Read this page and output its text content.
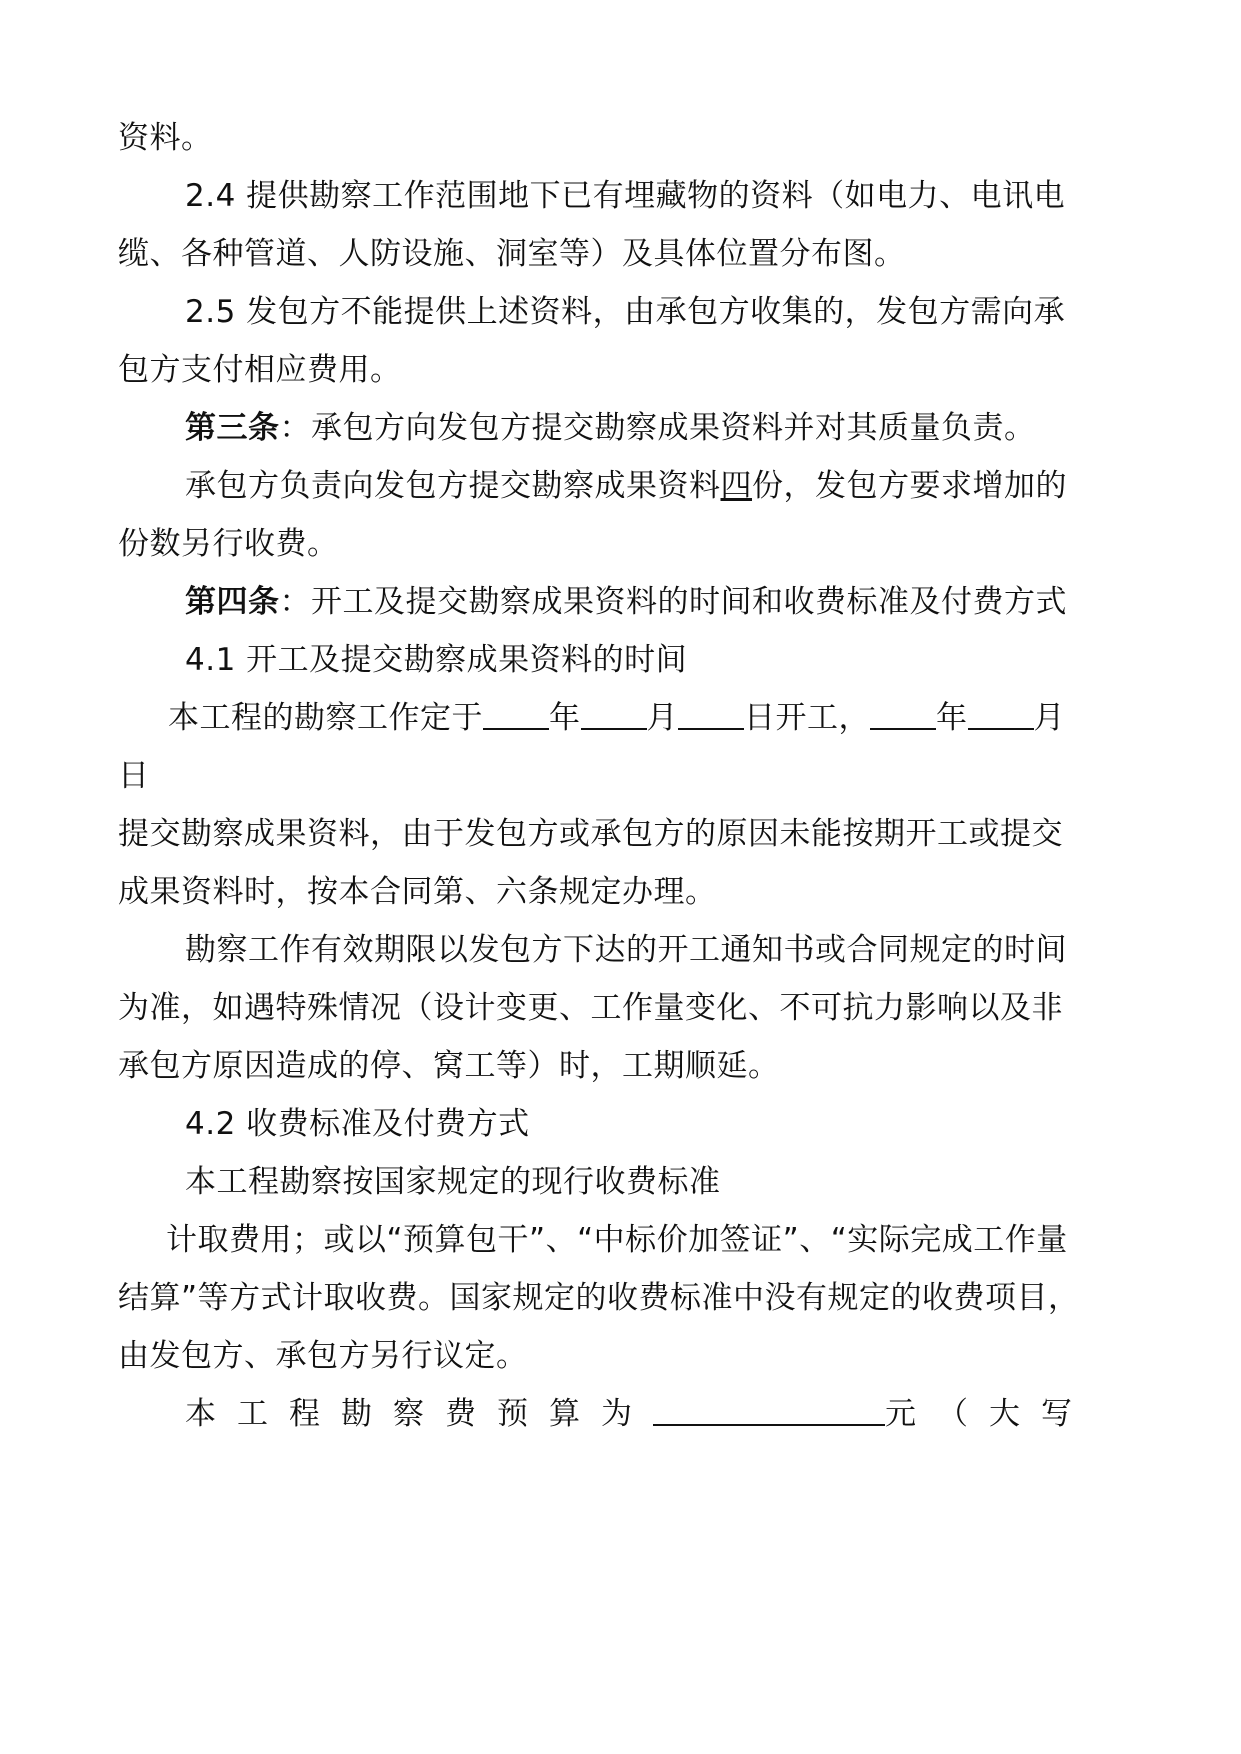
资料。
2.4 提供勘察工作范围地下已有埋藏物的资料（如电力、电讯电
缆、各种管道、人防设施、洞室等）及具体位置分布图。
2.5 发包方不能提供上述资料，由承包方收集的，发包方需向承
包方支付相应费用。
第三条：承包方向发包方提交勘察成果资料并对其质量负责。
承包方负责向发包方提交勘察成果资料四份，发包方要求增加的
份数另行收费。
第四条：开工及提交勘察成果资料的时间和收费标准及付费方式
4.1 开工及提交勘察成果资料的时间
本工程的勘察工作定于 年 月 日开工， 年 月
日
提交勘察成果资料，由于发包方或承包方的原因未能按期开工或提交
成果资料时，按本合同第、六条规定办理。
勘察工作有效期限以发包方下达的开工通知书或合同规定的时间
为准，如遇特殊情况（设计变更、工作量变化、不可抗力影响以及非
承包方原因造成的停、窝工等）时，工期顺延。
4.2 收费标准及付费方式
本工程勘察按国家规定的现行收费标准
计取费用；或以“预算包干”、“中标价加签证”、“实际完成工作量
结算”等方式计取收费。国家规定的收费标准中没有规定的收费项目，
由发包方、承包方另行议定。
本工程勘察费预算为	元（大写
